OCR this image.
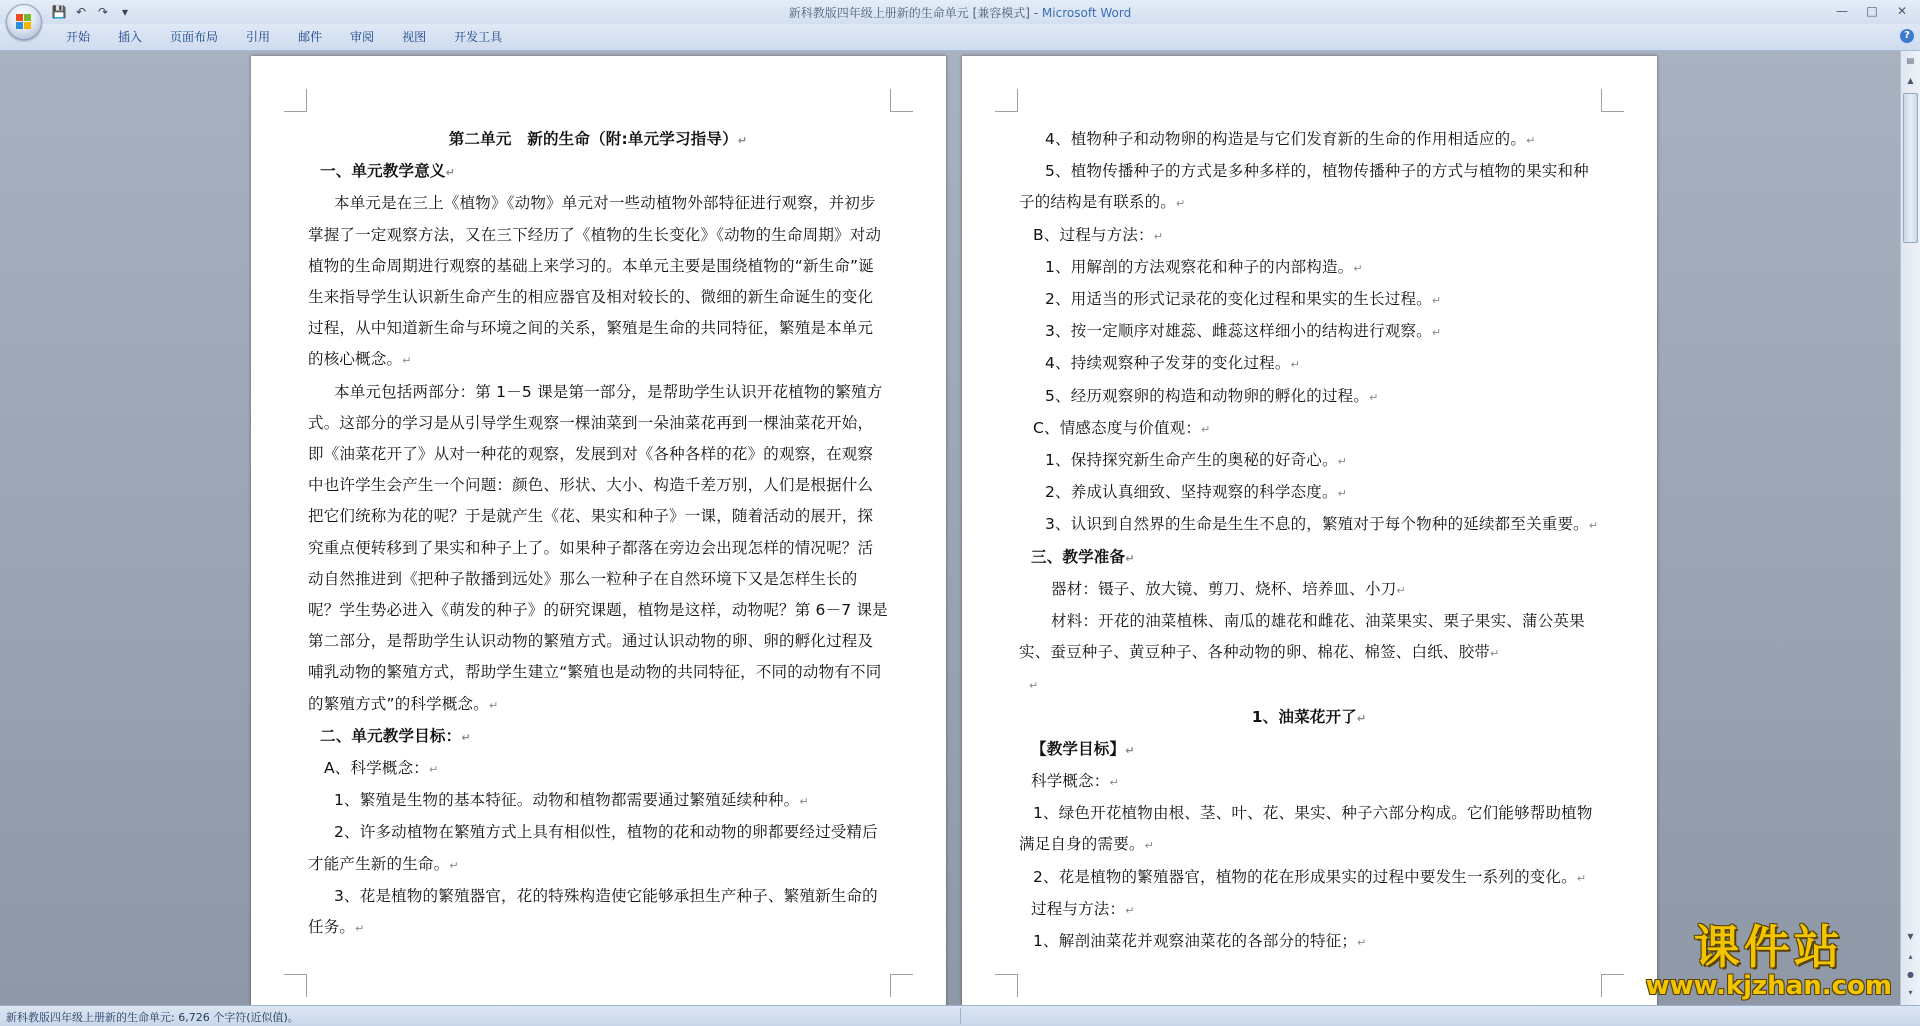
💾 ↶ ↷	▾	新科教版四年级上册新的生命单元 [兼容模式] - Microsoft Word	—	□	✕
开始	插入	页面布局	引用	邮件	审阅	视图	开发工具	?

第二单元　新的生命（附:单元学习指导）↵

一、单元教学意义↵

本单元是在三上《植物》《动物》单元对一些动植物外部特征进行观察，并初步掌握了一定观察方法，又在三下经历了《植物的生长变化》《动物的生命周期》对动植物的生命周期进行观察的基础上来学习的。本单元主要是围绕植物的“新生命”诞生来指导学生认识新生命产生的相应器官及相对较长的、微细的新生命诞生的变化过程，从中知道新生命与环境之间的关系，繁殖是生命的共同特征，繁殖是本单元的核心概念。↵

本单元包括两部分：第 1－5 课是第一部分，是帮助学生认识开花植物的繁殖方式。这部分的学习是从引导学生观察一棵油菜到一朵油菜花再到一棵油菜花开始，即《油菜花开了》从对一种花的观察，发展到对《各种各样的花》的观察，在观察中也许学生会产生一个问题：颜色、形状、大小、构造千差万别，人们是根据什么把它们统称为花的呢？于是就产生《花、果实和种子》一课，随着活动的展开，探究重点便转移到了果实和种子上了。如果种子都落在旁边会出现怎样的情况呢？活动自然推进到《把种子散播到远处》那么一粒种子在自然环境下又是怎样生长的呢？学生势必进入《萌发的种子》的研究课题，植物是这样，动物呢？第 6－7 课是第二部分，是帮助学生认识动物的繁殖方式。通过认识动物的卵、卵的孵化过程及哺乳动物的繁殖方式，帮助学生建立“繁殖也是动物的共同特征，不同的动物有不同的繁殖方式”的科学概念。↵

二、单元教学目标：↵

A、科学概念：↵

1、繁殖是生物的基本特征。动物和植物都需要通过繁殖延续种种。↵

2、许多动植物在繁殖方式上具有相似性，植物的花和动物的卵都要经过受精后才能产生新的生命。↵

3、花是植物的繁殖器官，花的特殊构造使它能够承担生产种子、繁殖新生命的任务。↵

4、植物种子和动物卵的构造是与它们发育新的生命的作用相适应的。↵

5、植物传播种子的方式是多种多样的，植物传播种子的方式与植物的果实和种子的结构是有联系的。↵

B、过程与方法：↵

1、用解剖的方法观察花和种子的内部构造。↵

2、用适当的形式记录花的变化过程和果实的生长过程。↵

3、按一定顺序对雄蕊、雌蕊这样细小的结构进行观察。↵

4、持续观察种子发芽的变化过程。↵

5、经历观察卵的构造和动物卵的孵化的过程。↵

C、情感态度与价值观：↵

1、保持探究新生命产生的奥秘的好奇心。↵

2、养成认真细致、坚持观察的科学态度。↵

3、认识到自然界的生命是生生不息的，繁殖对于每个物种的延续都至关重要。↵

三、教学准备↵

器材：镊子、放大镜、剪刀、烧杯、培养皿、小刀↵

材料：开花的油菜植株、南瓜的雄花和雌花、油菜果实、栗子果实、蒲公英果实、蚕豆种子、黄豆种子、各种动物的卵、棉花、棉签、白纸、胶带↵

↵

1、油菜花开了↵

【教学目标】↵

科学概念：↵

1、绿色开花植物由根、茎、叶、花、果实、种子六部分构成。它们能够帮助植物满足自身的需要。↵

2、花是植物的繁殖器官，植物的花在形成果实的过程中要发生一系列的变化。↵

过程与方法：↵

1、解剖油菜花并观察油菜花的各部分的特征；↵

▤
▲
▼
▴
●
▾
新科教版四年级上册新的生命单元: 6,726 个字符(近似值)。
课件站
www.kjzhan.com
